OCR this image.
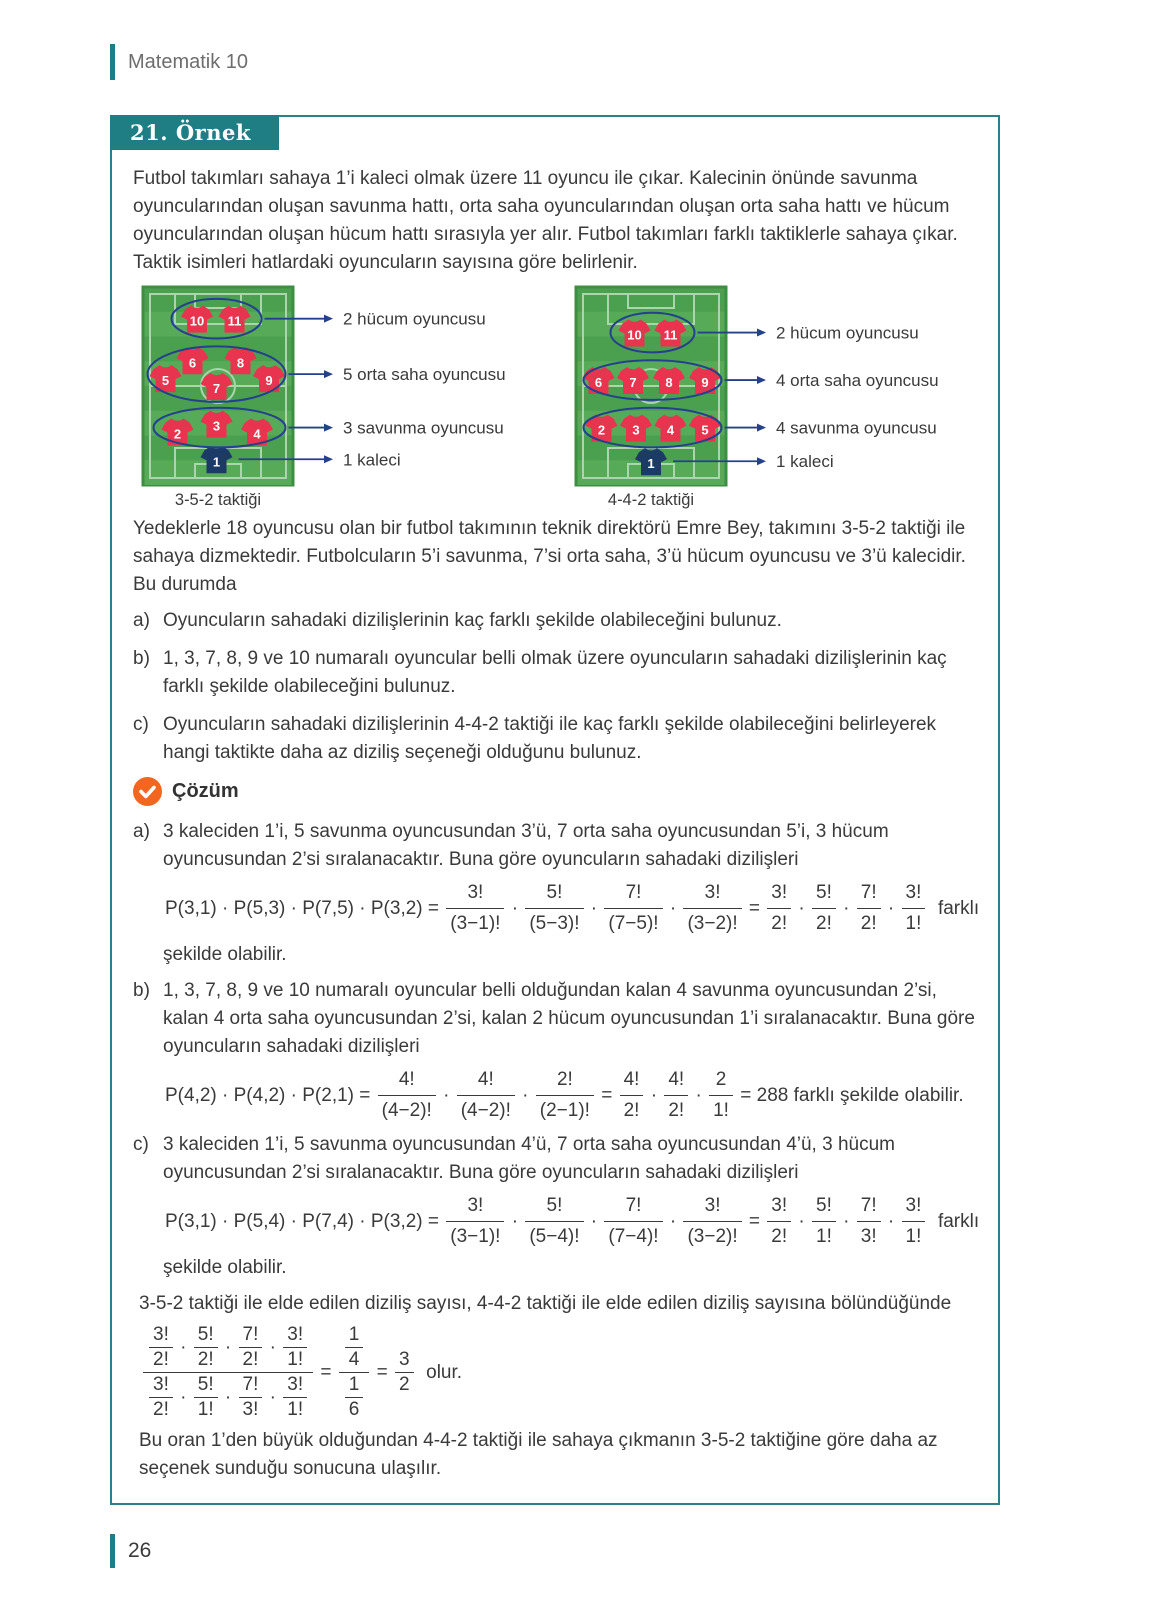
Matematik 10
21. Örnek

Futbol takımları sahaya 1’i kaleci olmak üzere 11 oyuncu ile çıkar. Kalecinin önünde savunma oyuncularından oluşan savunma hattı, orta saha oyuncularından oluşan orta saha hattı ve hücum oyuncularından oluşan hücum hattı sırasıyla yer alır. Futbol takımları farklı taktiklerle sahaya çıkar. Taktik isimleri hatlardaki oyuncuların sayısına göre belirlenir.

10 11
6	8
5
7
9
2
3
4
1
2 hücum oyuncusu
5 orta saha oyuncusu
3 savunma oyuncusu
1 kaleci
3-5-2 taktiği
10 11
6 7 8 9
2 3 4 5
1
2 hücum oyuncusu
4 orta saha oyuncusu
4 savunma oyuncusu
1 kaleci
4-4-2 taktiği

Yedeklerle 18 oyuncusu olan bir futbol takımının teknik direktörü Emre Bey, takımını 3-5-2 taktiği ile sahaya dizmektedir. Futbolcuların 5’i savunma, 7’si orta saha, 3’ü hücum oyuncusu ve 3’ü kalecidir. Bu durumda

a) Oyuncuların sahadaki dizilişlerinin kaç farklı şekilde olabileceğini bulunuz.
b) 1, 3, 7, 8, 9 ve 10 numaralı oyuncular belli olmak üzere oyuncuların sahadaki dizilişlerinin kaç farklı şekilde olabileceğini bulunuz.
c) Oyuncuların sahadaki dizilişlerinin 4-4-2 taktiği ile kaç farklı şekilde olabileceğini belirleyerek hangi taktikte daha az diziliş seçeneği olduğunu bulunuz.
Çözüm
a) 3 kaleciden 1’i, 5 savunma oyuncusundan 3’ü, 7 orta saha oyuncusundan 5’i, 3 hücum oyuncusundan 2’si sıralanacaktır. Buna göre oyuncuların sahadaki dizilişleri
$P(3,1) \cdot P(5,3) \cdot P(7,5) \cdot P(3,2) = \frac{3!}{(3-1)!} \cdot \frac{5!}{(5-3)!} \cdot \frac{7!}{(7-5)!} \cdot \frac{3!}{(3-2)!} = \frac{3!}{2!} \cdot \frac{5!}{2!} \cdot \frac{7!}{2!} \cdot \frac{3!}{1!}$ farklı

şekilde olabilir.

b) 1, 3, 7, 8, 9 ve 10 numaralı oyuncular belli olduğundan kalan 4 savunma oyuncusundan 2’si, kalan 4 orta saha oyuncusundan 2’si, kalan 2 hücum oyuncusundan 1’i sıralanacaktır. Buna göre oyuncuların sahadaki dizilişleri
$P(4,2) \cdot P(4,2) \cdot P(2,1) = \frac{4!}{(4-2)!} \cdot \frac{4!}{(4-2)!} \cdot \frac{2!}{(2-1)!} = \frac{4!}{2!} \cdot \frac{4!}{2!} \cdot \frac{2}{1!} = 288$ farklı şekilde olabilir.
c) 3 kaleciden 1’i, 5 savunma oyuncusundan 4’ü, 7 orta saha oyuncusundan 4’ü, 3 hücum oyuncusundan 2’si sıralanacaktır. Buna göre oyuncuların sahadaki dizilişleri
$P(3,1) \cdot P(5,4) \cdot P(7,4) \cdot P(3,2) = \frac{3!}{(3-1)!} \cdot \frac{5!}{(5-4)!} \cdot \frac{7!}{(7-4)!} \cdot \frac{3!}{(3-2)!} = \frac{3!}{2!} \cdot \frac{5!}{1!} \cdot \frac{7!}{3!} \cdot \frac{3!}{1!}$ farklı

şekilde olabilir.

3-5-2 taktiği ile elde edilen diziliş sayısı, 4-4-2 taktiği ile elde edilen diziliş sayısına bölündüğünde

$\frac{\frac{3!}{2!} \cdot \frac{5!}{2!} \cdot \frac{7!}{2!} \cdot \frac{3!}{1!}}{\frac{3!}{2!} \cdot \frac{5!}{1!} \cdot \frac{7!}{3!} \cdot \frac{3!}{1!}} = \frac{\frac{1}{4}}{\frac{1}{6}} = \frac{3}{2}$ olur.

Bu oran 1’den büyük olduğundan 4-4-2 taktiği ile sahaya çıkmanın 3-5-2 taktiğine göre daha az seçenek sunduğu sonucuna ulaşılır.

26
